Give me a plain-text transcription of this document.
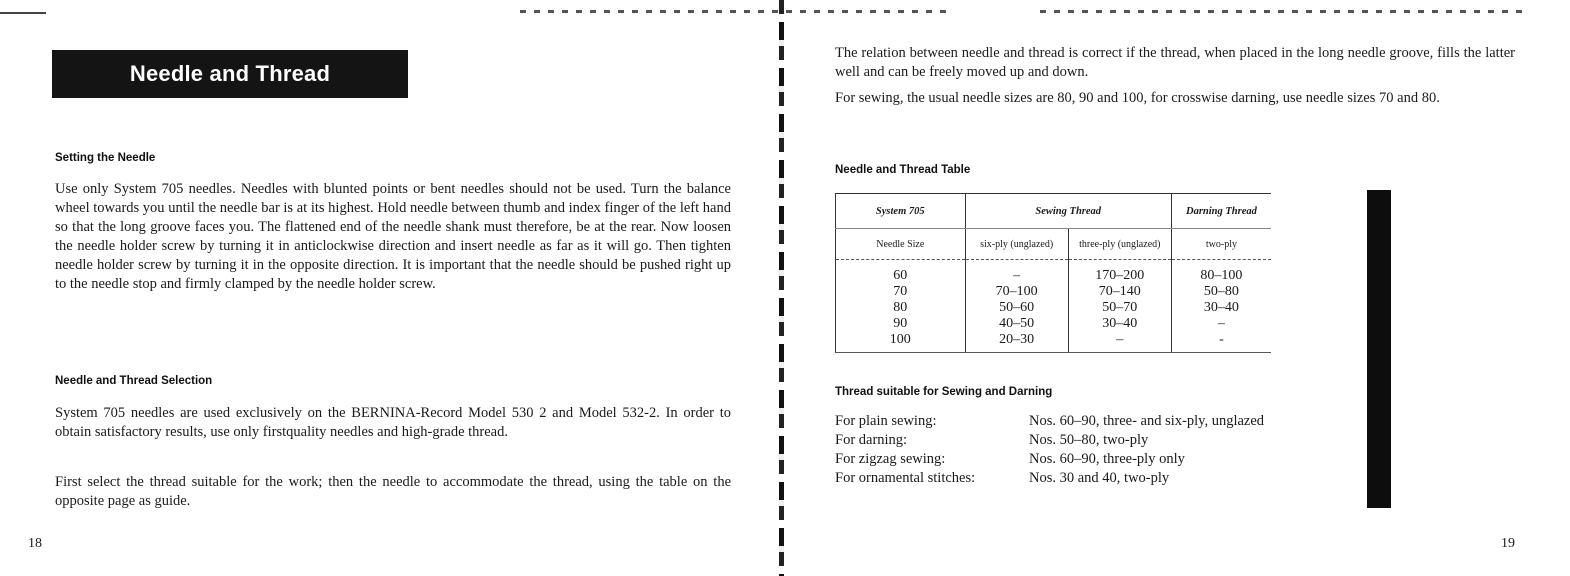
Needle and Thread
Setting the Needle

Use only System 705 needles. Needles with blunted points or bent needles should not be used. Turn the balance wheel towards you until the needle bar is at its highest. Hold needle between thumb and index finger of the left hand so that the long groove faces you. The flattened end of the needle shank must therefore, be at the rear. Now loosen the needle holder screw by turning it in anticlockwise direction and insert needle as far as it will go. Then tighten needle holder screw by turning it in the opposite direction. It is important that the needle should be pushed right up to the needle stop and firmly clamped by the needle holder screw.

Needle and Thread Selection

System 705 needles are used exclusively on the BERNINA-Record Model 530 2 and Model 532-2. In order to obtain satisfactory results, use only firstquality needles and high-grade thread.

First select the thread suitable for the work; then the needle to accommodate the thread, using the table on the opposite page as guide.

18

The relation between needle and thread is correct if the thread, when placed in the long needle groove, fills the latter well and can be freely moved up and down.

For sewing, the usual needle sizes are 80, 90 and 100, for crosswise darning, use needle sizes 70 and 80.

Needle and Thread Table
System 705	Sewing Thread		Darning Thread
Needle Size	six-ply (unglazed)	three-ply (unglazed)	two-ply
60	–	170–200	80–100
70	70–100	70–140	50–80
80	50–60	50–70	30–40
90	40–50	30–40	–
100	20–30	–	-
Thread suitable for Sewing and Darning
For plain sewing:	Nos. 60–90, three- and six-ply, unglazed
For darning:	Nos. 50–80, two-ply
For zigzag sewing:	Nos. 60–90, three-ply only
For ornamental stitches:	Nos. 30 and 40, two-ply
19
